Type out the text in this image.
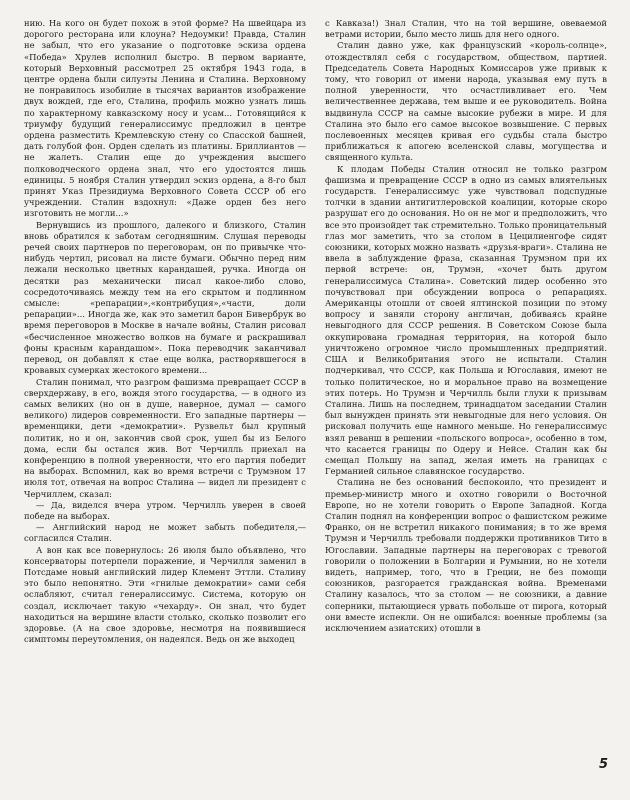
нию. На кого он будет похож в этой форме? На швейцара из дорогого ресторана или клоуна? Недоумки! Правда, Сталин не забыл, что его указание о подготовке эскиза ордена «Победа» Хрулев исполнил быстро. В первом варианте, который Верховный рассмотрел 25 октября 1943 года, в центре ордена были силуэты Ленина и Сталина. Верховному не понравилось изобилие в тысячах вариантов изображение двух вождей, где его, Сталина, профиль можно узнать лишь по характерному кавказскому носу и усам... Готовящийся к триумфу будущий генералиссимус предложил в центре ордена разместить Кремлевскую стену со Спасской башней, дать голубой фон. Орден сделать из платины. Бриллиантов — не жалеть. Сталин еще до учреждения высшего полководческого ордена знал, что его удостоятся лишь единицы. 5 ноября Сталин утвердил эскиз ордена, а 8-го был принят Указ Президиума Верховного Совета СССР об его учреждении. Сталин вздохнул: «Даже орден без него изготовить не могли...»

Вернувшись из прошлого, далекого и близкого, Сталин вновь обратился к заботам сегодняшним. Слушая переводы речей своих партнеров по переговорам, он по привычке что-нибудь чертил, рисовал на листе бумаги. Обычно перед ним лежали несколько цветных карандашей, ручка. Иногда он десятки раз механически писал какое-либо слово, сосредоточиваясь между тем на его скрытом и подлинном смысле: «репарации»,«контрибуция»,«части, доли репарации»... Иногда же, как это заметил барон Бивербрук во время переговоров в Москве в начале войны, Сталин рисовал «бесчисленное множество волков на бумаге и раскрашивал фоны красным карандашом». Пока переводчик заканчивал перевод, он добавлял к стае еще волка, растворявшегося в кровавых сумерках жестокого времени...

Сталин понимал, что разгром фашизма превращает СССР в сверхдержаву, в его, вождя этого государства, — в одного из самых великих (но он в душе, наверное, думал — самого великого) лидеров современности. Его западные партнеры — временщики, дети «демократии». Рузвельт был крупный политик, но и он, закончив свой срок, ушел бы из Белого дома, если бы остался жив. Вот Черчилль приехал на конференцию в полной уверенности, что его партия победит на выборах. Вспомнил, как во время встречи с Трумэном 17 июля тот, отвечая на вопрос Сталина — видел ли президент с Черчиллем, сказал:

— Да, виделся вчера утром. Черчилль уверен в своей победе на выборах.

— Английский народ не может забыть победителя,— согласился Сталин.

А вон как все повернулось: 26 июля было объявлено, что консерваторы потерпели поражение, и Черчилля заменил в Потсдаме новый английский лидер Клемент Эттли. Сталину это было непонятно. Эти «гнилые демократии» сами себя ослабляют, считал генералиссимус. Система, которую он создал, исключает такую «чехарду». Он знал, что будет находиться на вершине власти столько, сколько позволит его здоровье. (А на свое здоровье, несмотря на появившиеся симптомы переутомления, он надеялся. Ведь он же выходец

с Кавказа!) Знал Сталин, что на той вершине, овеваемой ветрами истории, было место лишь для него одного.

Сталин давно уже, как французский «король-солнце», отождествлял себя с государством, обществом, партией. Председатель Совета Народных Комиссаров уже привык к тому, что говорил от имени народа, указывая ему путь в полной уверенности, что осчастливливает его. Чем величественнее держава, тем выше и ее руководитель. Война выдвинула СССР на самые высокие рубежи в мире. И для Сталина это было его самое высокое возвышение. С первых послевоенных месяцев кривая его судьбы стала быстро приближаться к апогею вселенской славы, могущества и священного культа.

К плодам Победы Сталин относил не только разгром фашизма и превращение СССР в одно из самых влиятельных государств. Генералиссимус уже чувствовал подспудные толчки в здании антигитлеровской коалиции, которые скоро разрушат его до основания. Но он не мог и предположить, что все это произойдет так стремительно. Только проницательный глаз мог заметить, что за столом в Цецилиенгофе сидят союзники, которых можно назвать «друзья-враги». Сталина не ввела в заблуждение фраза, сказанная Трумэном при их первой встрече: он, Трумэн, «хочет быть другом генералиссимуса Сталина». Советский лидер особенно это почувствовал при обсуждении вопроса о репарациях. Американцы отошли от своей ялтинской позиции по этому вопросу и заняли сторону англичан, добиваясь крайне невыгодного для СССР решения. В Советском Союзе была оккупирована громадная территория, на которой было уничтожено огромное число промышленных предприятий. США и Великобритания этого не испытали. Сталин подчеркивал, что СССР, как Польша и Югославия, имеют не только политическое, но и моральное право на возмещение этих потерь. Но Трумэн и Черчилль были глухи к призывам Сталина. Лишь на последнем, тринадцатом заседании Сталин был вынужден принять эти невыгодные для него условия. Он рисковал получить еще намного меньше. Но генералиссимус взял реванш в решении «польского вопроса», особенно в том, что касается границы по Одеру и Нейсе. Сталин как бы смещал Польшу на запад, желая иметь на границах с Германией сильное славянское государство.

Сталина не без оснований беспокоило, что президент и премьер-министр много и охотно говорили о Восточной Европе, но не хотели говорить о Европе Западной. Когда Сталин поднял на конференции вопрос о фашистском режиме Франко, он не встретил никакого понимания; в то же время Трумэн и Черчилль требовали поддержки противников Тито в Югославии. Западные партнеры на переговорах с тревогой говорили о положении в Болгарии и Румынии, но не хотели видеть, например, того, что в Греции, не без помощи союзников, разгорается гражданская война. Временами Сталину казалось, что за столом — не союзники, а давние соперники, пытающиеся урвать побольше от пирога, который они вместе испекли. Он не ошибался: военные проблемы (за исключением азиатских) отошли в

5
